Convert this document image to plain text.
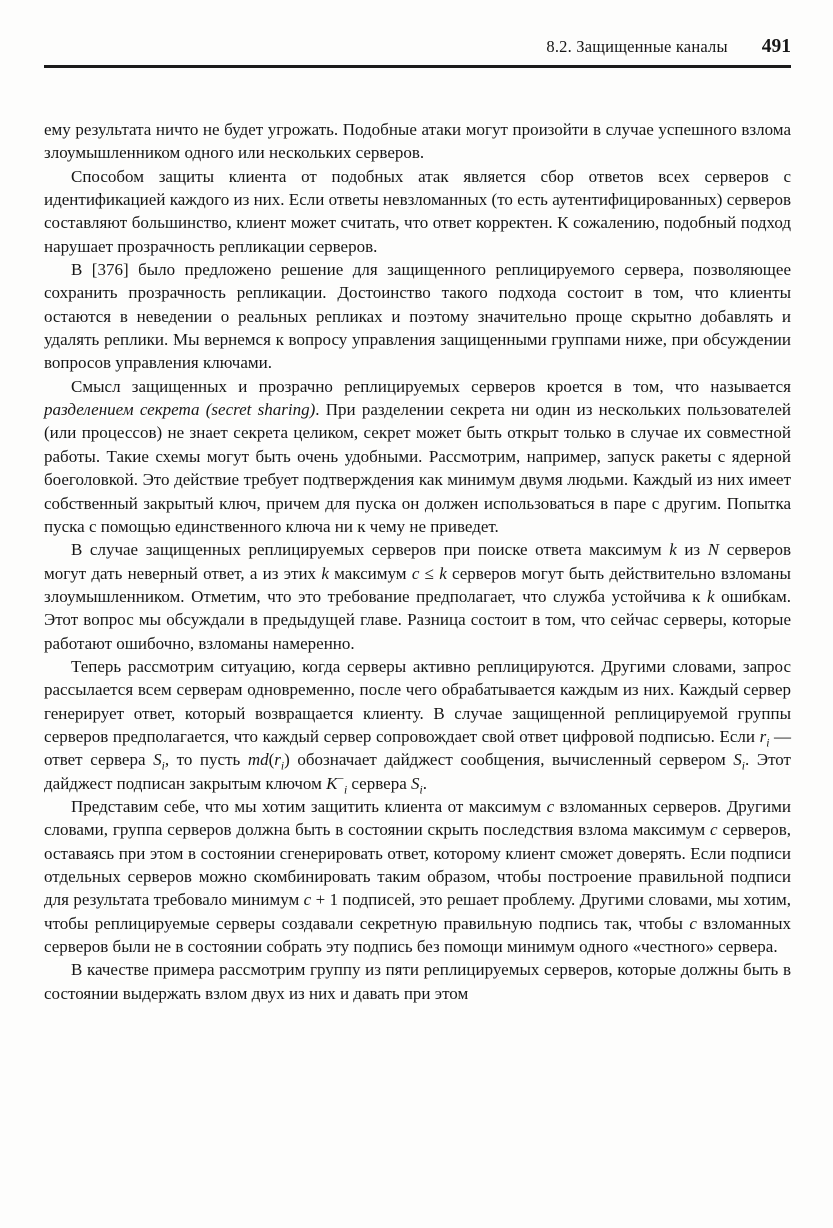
8.2. Защищенные каналы 491

ему результата ничто не будет угрожать. Подобные атаки могут произойти в случае успешного взлома злоумышленником одного или нескольких серверов.

Способом защиты клиента от подобных атак является сбор ответов всех серверов с идентификацией каждого из них. Если ответы невзломанных (то есть аутентифицированных) серверов составляют большинство, клиент может считать, что ответ корректен. К сожалению, подобный подход нарушает прозрачность репликации серверов.

В [376] было предложено решение для защищенного реплицируемого сервера, позволяющее сохранить прозрачность репликации. Достоинство такого подхода состоит в том, что клиенты остаются в неведении о реальных репликах и поэтому значительно проще скрытно добавлять и удалять реплики. Мы вернемся к вопросу управления защищенными группами ниже, при обсуждении вопросов управления ключами.

Смысл защищенных и прозрачно реплицируемых серверов кроется в том, что называется разделением секрета (secret sharing). При разделении секрета ни один из нескольких пользователей (или процессов) не знает секрета целиком, секрет может быть открыт только в случае их совместной работы. Такие схемы могут быть очень удобными. Рассмотрим, например, запуск ракеты с ядерной боеголовкой. Это действие требует подтверждения как минимум двумя людьми. Каждый из них имеет собственный закрытый ключ, причем для пуска он должен использоваться в паре с другим. Попытка пуска с помощью единственного ключа ни к чему не приведет.

В случае защищенных реплицируемых серверов при поиске ответа максимум k из N серверов могут дать неверный ответ, а из этих k максимум c ≤ k серверов могут быть действительно взломаны злоумышленником. Отметим, что это требование предполагает, что служба устойчива к k ошибкам. Этот вопрос мы обсуждали в предыдущей главе. Разница состоит в том, что сейчас серверы, которые работают ошибочно, взломаны намеренно.

Теперь рассмотрим ситуацию, когда серверы активно реплицируются. Другими словами, запрос рассылается всем серверам одновременно, после чего обрабатывается каждым из них. Каждый сервер генерирует ответ, который возвращается клиенту. В случае защищенной реплицируемой группы серверов предполагается, что каждый сервер сопровождает свой ответ цифровой подписью. Если $r_i$ — ответ сервера $S_i$, то пусть $md(r_i)$ обозначает дайджест сообщения, вычисленный сервером $S_i$. Этот дайджест подписан закрытым ключом $K^-_i$ сервера $S_i$.

Представим себе, что мы хотим защитить клиента от максимум c взломанных серверов. Другими словами, группа серверов должна быть в состоянии скрыть последствия взлома максимум c серверов, оставаясь при этом в состоянии сгенерировать ответ, которому клиент сможет доверять. Если подписи отдельных серверов можно скомбинировать таким образом, чтобы построение правильной подписи для результата требовало минимум c + 1 подписей, это решает проблему. Другими словами, мы хотим, чтобы реплицируемые серверы создавали секретную правильную подпись так, чтобы c взломанных серверов были не в состоянии собрать эту подпись без помощи минимум одного «честного» сервера.

В качестве примера рассмотрим группу из пяти реплицируемых серверов, которые должны быть в состоянии выдержать взлом двух из них и давать при этом
